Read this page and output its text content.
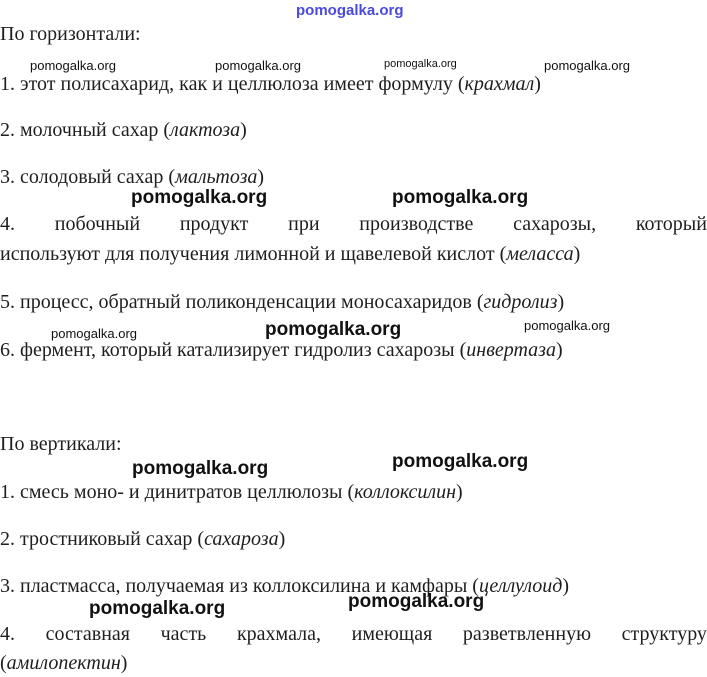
По горизонтали:
1. этот полисахарид, как и целлюлоза имеет формулу (крахмал)
2. молочный сахар (лактоза)
3. солодовый сахар (мальтоза)
4. побочный продукт при производстве сахарозы, который
используют для получения лимонной и щавелевой кислот (меласса)
5. процесс, обратный поликонденсации моносахаридов (гидролиз)
6. фермент, который катализирует гидролиз сахарозы (инвертаза)
По вертикали:
1. смесь моно- и динитратов целлюлозы (коллоксилин)
2. тростниковый сахар (сахароза)
3. пластмасса, получаемая из коллоксилина и камфары (целлулоид)
4. составная часть крахмала, имеющая разветвленную структуру
(амилопектин)
pomogalka.org
pomogalka.org	pomogalka.org	pomogalka.org	pomogalka.org
pomogalka.org	pomogalka.org
pomogalka.org	pomogalka.org	pomogalka.org
pomogalka.org	pomogalka.org
pomogalka.org	pomogalka.org
